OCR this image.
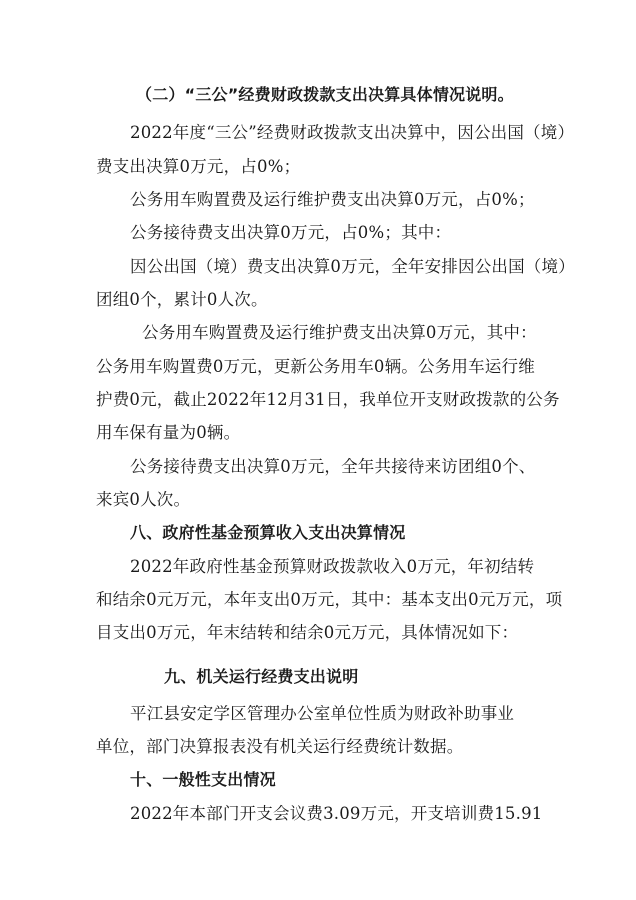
（二）“三公”经费财政拨款支出决算具体情况说明。
2022年度“三公”经费财政拨款支出决算中，因公出国（境）
费支出决算0万元，占0%；
公务用车购置费及运行维护费支出决算0万元，占0%；
公务接待费支出决算0万元，占0%；其中：
因公出国（境）费支出决算0万元，全年安排因公出国（境）
团组0个，累计0人次。
公务用车购置费及运行维护费支出决算0万元，其中：
公务用车购置费0万元，更新公务用车0辆。公务用车运行维
护费0元，截止2022年12月31日，我单位开支财政拨款的公务
用车保有量为0辆。
公务接待费支出决算0万元，全年共接待来访团组0个、
来宾0人次。
八、政府性基金预算收入支出决算情况
2022年政府性基金预算财政拨款收入0万元，年初结转
和结余0元万元，本年支出0万元，其中：基本支出0元万元，项
目支出0万元，年末结转和结余0元万元，具体情况如下：
九、机关运行经费支出说明
平江县安定学区管理办公室单位性质为财政补助事业
单位，部门决算报表没有机关运行经费统计数据。
十、一般性支出情况
2022年本部门开支会议费3.09万元，开支培训费15.91
